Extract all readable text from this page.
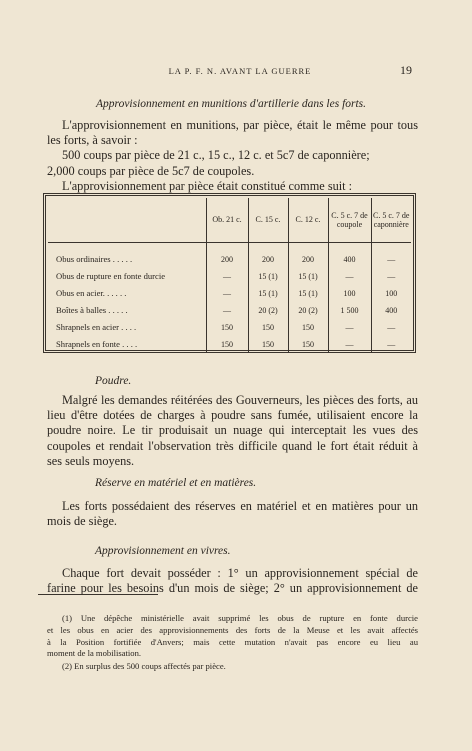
LA P. F. N. AVANT LA GUERRE	19
Approvisionnement en munitions d'artillerie dans les forts.
L'approvisionnement en munitions, par pièce, était le même pour tous
les forts, à savoir :
500 coups par pièce de 21 c., 15 c., 12 c. et 5c7 de caponnière;
2,000 coups par pièce de 5c7 de coupoles.
L'approvisionnement par pièce était constitué comme suit :
	Ob. 21 c.	C. 15 c.	C. 12 c.	C. 5 c. 7 de coupole	C. 5 c. 7 de caponnière

Obus ordinaires . . . . .	200	200	200	400	—
Obus de rupture en fonte durcie	—	15 (1)	15 (1)	—	—
Obus en acier. . . . . .	—	15 (1)	15 (1)	100	100
Boîtes à balles . . . . .	—	20 (2)	20 (2)	1 500	400
Shrapnels en acier . . . .	150	150	150	—	—
Shrapnels en fonte . . . .	150	150	150	—	—
Poudre.
Malgré les demandes réitérées des Gouverneurs, les pièces des forts, au
lieu d'être dotées de charges à poudre sans fumée, utilisaient encore la
poudre noire. Le tir produisait un nuage qui interceptait les vues des
coupoles et rendait l'observation très difficile quand le fort était réduit à
ses seuls moyens.
Réserve en matériel et en matières.
Les forts possédaient des réserves en matériel et en matières pour un
mois de siège.
Approvisionnement en vivres.
Chaque fort devait posséder : 1° un approvisionnement spécial de
farine pour les besoins d'un mois de siège; 2° un approvisionnement de
(1) Une dépêche ministérielle avait supprimé les obus de rupture en fonte durcie
et les obus en acier des approvisionnements des forts de la Meuse et les avait affectés
à la Position fortifiée d'Anvers; mais cette mutation n'avait pas encore eu lieu au
moment de la mobilisation.
(2) En surplus des 500 coups affectés par pièce.
